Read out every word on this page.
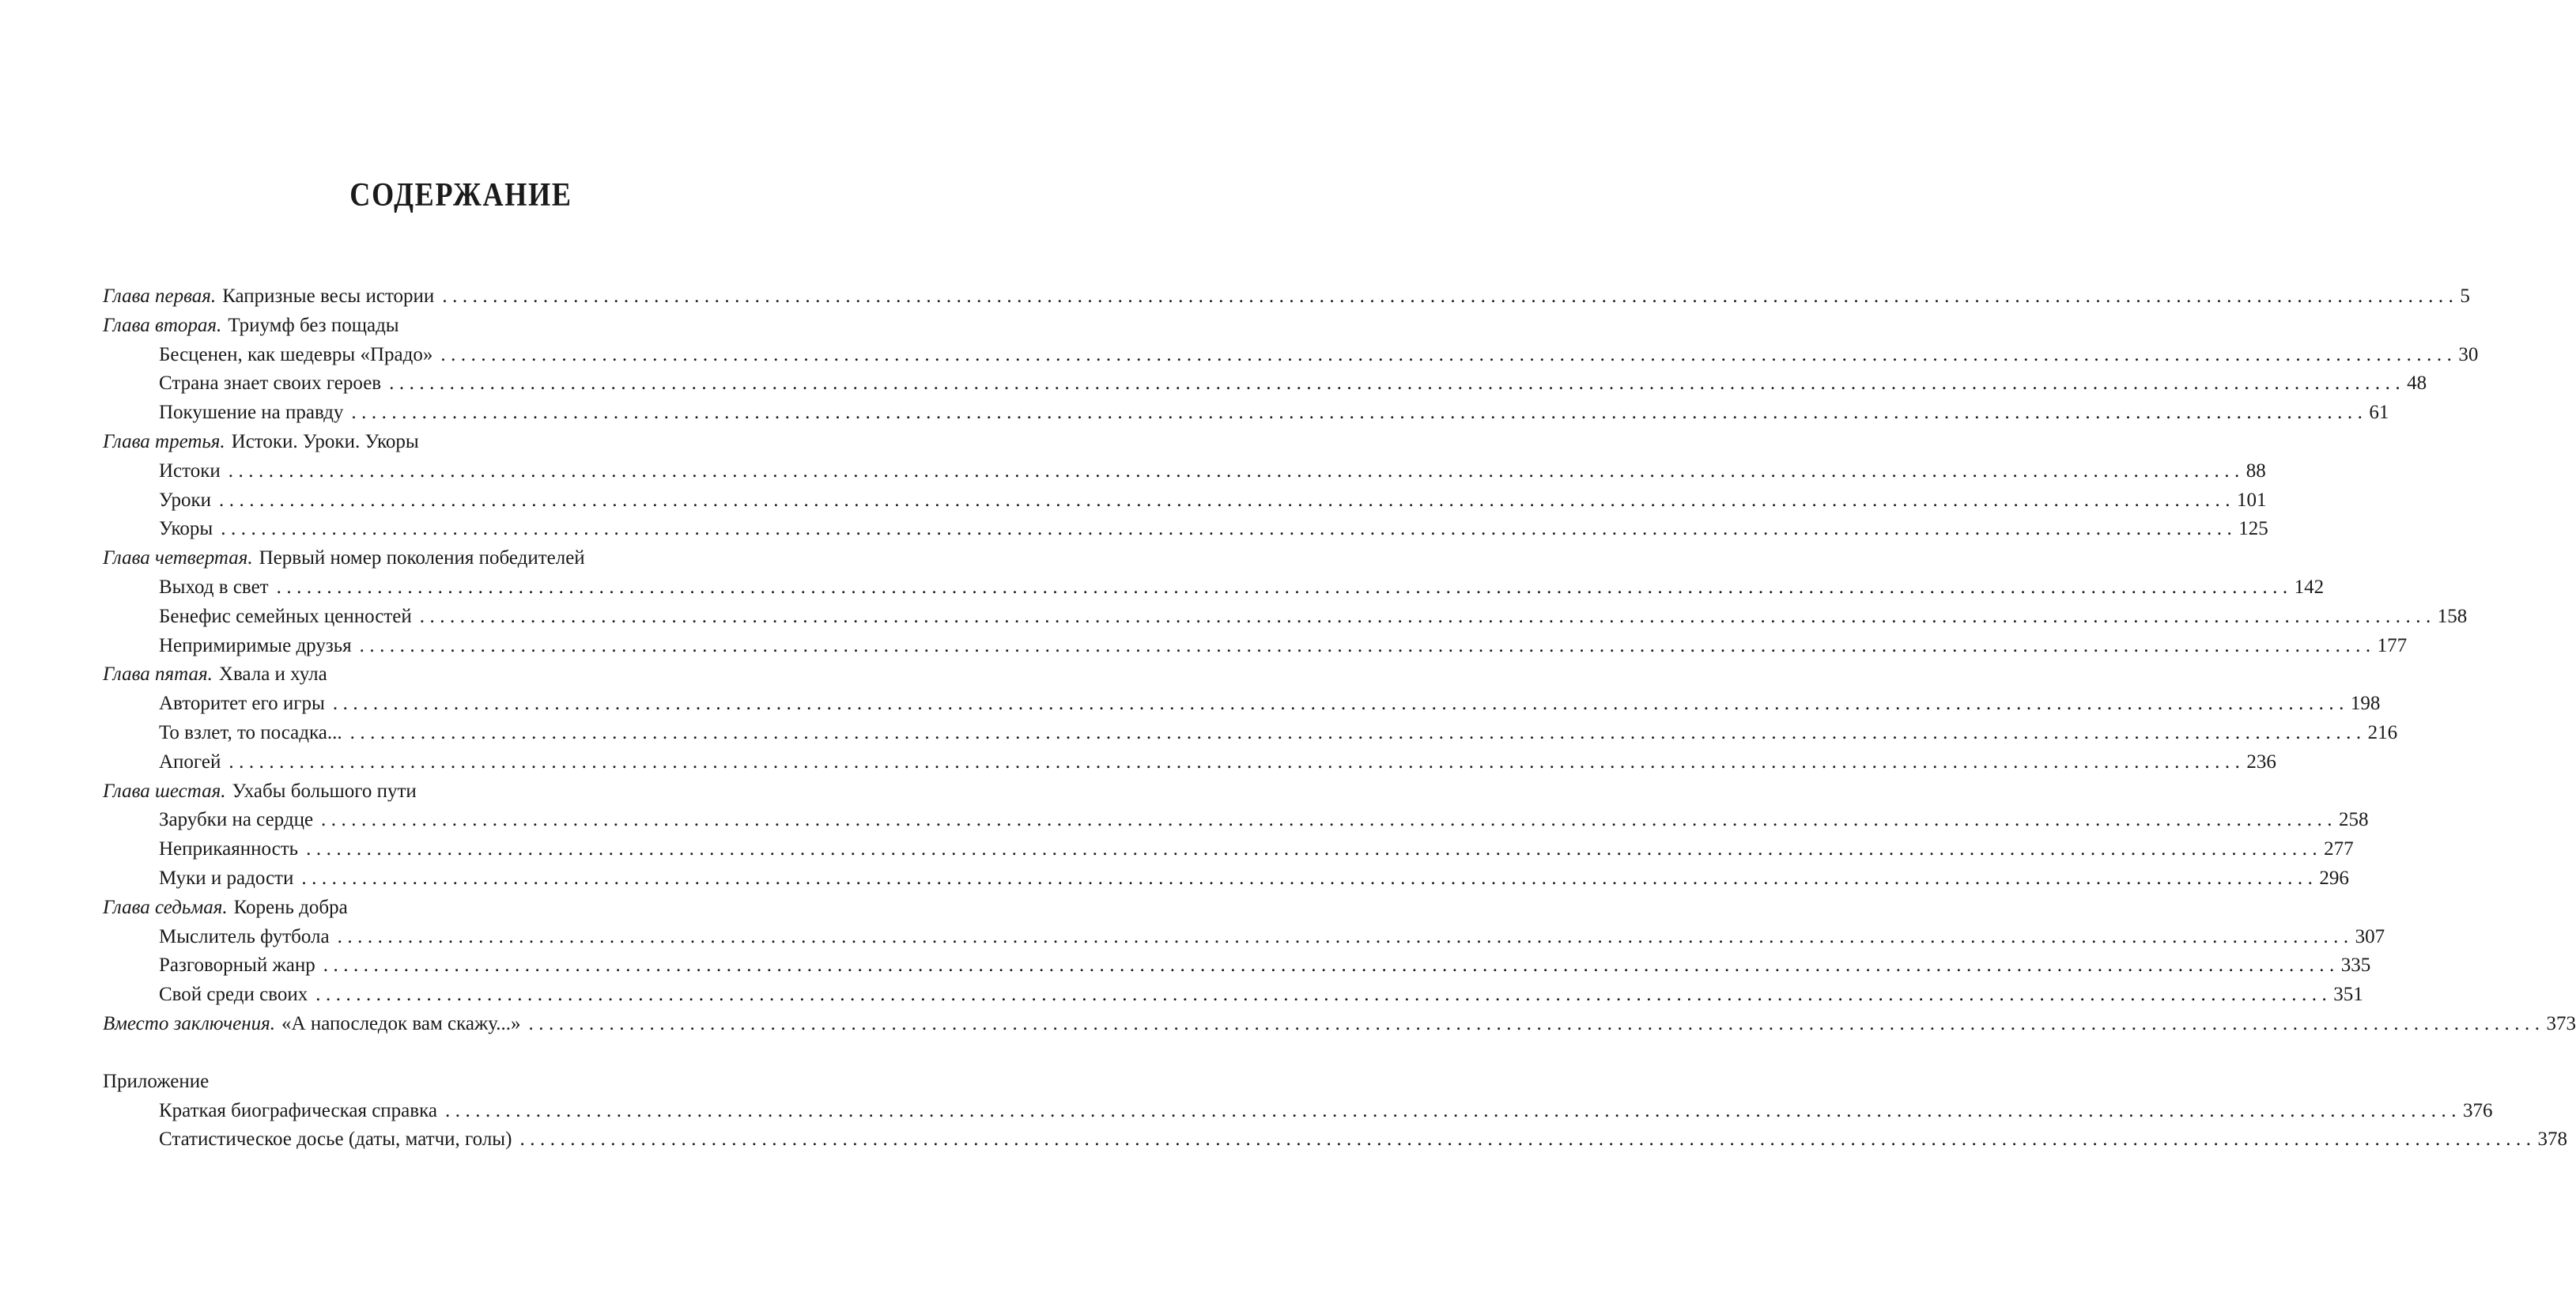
СОДЕРЖАНИЕ
Глава первая. Капризные весы истории ........................................................................................................................................................................................................ 5
Глава вторая. Триумф без пощады
Бесценен, как шедевры «Прадо» ........................................................................................................................................................................................................ 30
Страна знает своих героев ........................................................................................................................................................................................................ 48
Покушение на правду ........................................................................................................................................................................................................ 61
Глава третья. Истоки. Уроки. Укоры
Истоки ........................................................................................................................................................................................................ 88
Уроки ........................................................................................................................................................................................................ 101
Укоры ........................................................................................................................................................................................................ 125
Глава четвертая. Первый номер поколения победителей
Выход в свет ........................................................................................................................................................................................................ 142
Бенефис семейных ценностей ........................................................................................................................................................................................................ 158
Непримиримые друзья ........................................................................................................................................................................................................ 177
Глава пятая. Хвала и хула
Авторитет его игры ........................................................................................................................................................................................................ 198
То взлет, то посадка... ........................................................................................................................................................................................................ 216
Апогей ........................................................................................................................................................................................................ 236
Глава шестая. Ухабы большого пути
Зарубки на сердце ........................................................................................................................................................................................................ 258
Неприкаянность ........................................................................................................................................................................................................ 277
Муки и радости ........................................................................................................................................................................................................ 296
Глава седьмая. Корень добра
Мыслитель футбола ........................................................................................................................................................................................................ 307
Разговорный жанр ........................................................................................................................................................................................................ 335
Свой среди своих ........................................................................................................................................................................................................ 351
Вместо заключения. «А напоследок вам скажу...» ........................................................................................................................................................................................................ 373
Приложение
Краткая биографическая справка ........................................................................................................................................................................................................ 376
Статистическое досье (даты, матчи, голы) ........................................................................................................................................................................................................ 378
